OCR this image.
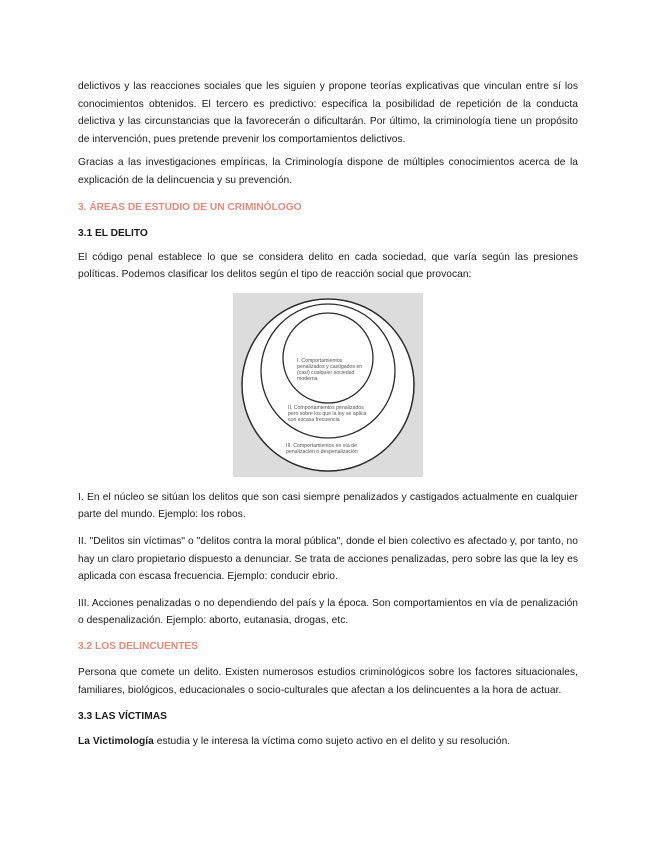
delictivos y las reacciones sociales que les siguien y propone teorías explicativas que vinculan entre sí los conocimientos obtenidos. El tercero es predictivo: especifica la posibilidad de repetición de la conducta delictiva y las circunstancias que la favorecerán o dificultarán. Por último, la criminología tiene un propósito de intervención, pues pretende prevenir los comportamientos delictivos.

Gracias a las investigaciones empíricas, la Criminología dispone de múltiples conocimientos acerca de la explicación de la delincuencia y su prevención.

3. ÁREAS DE ESTUDIO DE UN CRIMINÓLOGO
3.1 EL DELITO

El código penal establece lo que se considera delito en cada sociedad, que varía según las presiones políticas. Podemos clasificar los delitos según el tipo de reacción social que provocan:

I. Comportamientos
penalizados y castigados en
(casi) cualquier sociedad
moderna
II. Comportamientos penalizados
pero sobre los que la ley se aplica
con escasa frecuencia
III. Comportamientos en vía de
penalización o despenalización

I. En el núcleo se sitúan los delitos que son casi siempre penalizados y castigados actualmente en cualquier parte del mundo. Ejemplo: los robos.

II. "Delitos sin víctimas" o "delitos contra la moral pública", donde el bien colectivo es afectado y, por tanto, no hay un claro propietario dispuesto a denunciar. Se trata de acciones penalizadas, pero sobre las que la ley es aplicada con escasa frecuencia. Ejemplo: conducir ebrio.

III. Acciones penalizadas o no dependiendo del país y la época. Son comportamientos en vía de penalización o despenalización. Ejemplo: aborto, eutanasia, drogas, etc.

3.2 LOS DELINCUENTES

Persona que comete un delito. Existen numerosos estudios criminológicos sobre los factores situacionales, familiares, biológicos, educacionales o socio-culturales que afectan a los delincuentes a la hora de actuar.

3.3 LAS VÍCTIMAS

La Victimología estudia y le interesa la víctima como sujeto activo en el delito y su resolución.
